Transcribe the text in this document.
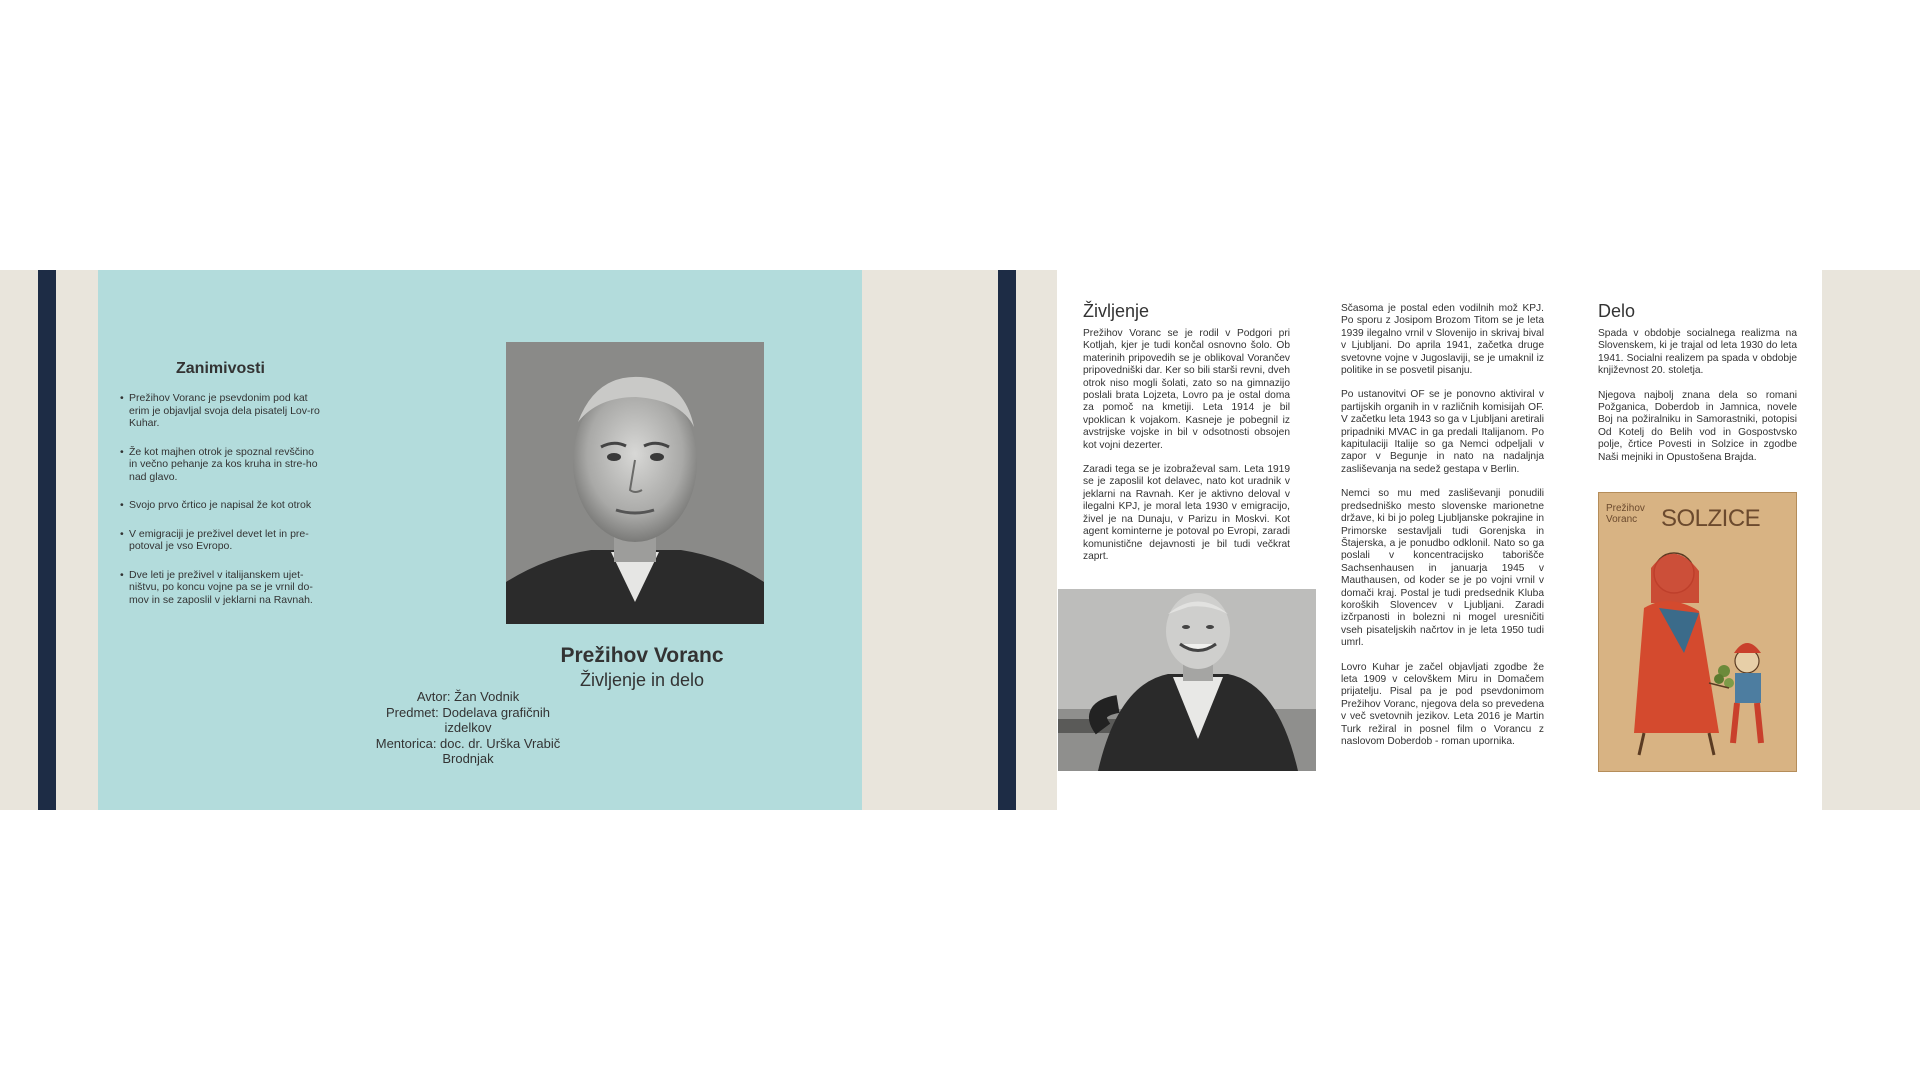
Zanimivosti
• Prežihov Voranc je psevdonim pod kat erim je objavljal svoja dela pisatelj Lov-ro Kuhar.
• Že kot majhen otrok je spoznal revščino in večno pehanje za kos kruha in stre-ho nad glavo.
• Svojo prvo črtico je napisal že kot otrok
• V emigraciji je preživel devet let in pre-potoval je vso Evropo.
• Dve leti je preživel v italijanskem ujet-ništvu, po koncu vojne pa se je vrnil do-mov in se zaposlil v jeklarni na Ravnah.
Avtor: Žan Vodnik
Predmet: Dodelava grafičnih izdelkov
Mentorica: doc. dr. Urška Vrabič Brodnjak
Prežihov Voranc
Življenje in delo
Življenje

Prežihov Voranc se je rodil v Podgori pri Kotljah, kjer je tudi končal osnovno šolo. Ob materinih pripovedih se je oblikoval Vorančev pripovedniški dar. Ker so bili starši revni, dveh otrok niso mogli šolati, zato so na gimnazijo poslali brata Lojzeta, Lovro pa je ostal doma za pomoč na kmetiji. Leta 1914 je bil vpoklican k vojakom. Kasneje je pobegnil iz avstrijske vojske in bil v odsotnosti obsojen kot vojni dezerter.

Zaradi tega se je izobraževal sam. Leta 1919 se je zaposlil kot delavec, nato kot uradnik v jeklarni na Ravnah. Ker je aktivno deloval v ilegalni KPJ, je moral leta 1930 v emigracijo, živel je na Dunaju, v Parizu in Moskvi. Kot agent kominterne je potoval po Evropi, zaradi komunistične dejavnosti je bil tudi večkrat zaprt.

Sčasoma je postal eden vodilnih mož KPJ. Po sporu z Josipom Brozom Titom se je leta 1939 ilegalno vrnil v Slovenijo in skrivaj bival v Ljubljani. Do aprila 1941, začetka druge svetovne vojne v Jugoslaviji, se je umaknil iz politike in se posvetil pisanju.

Po ustanovitvi OF se je ponovno aktiviral v partijskih organih in v različnih komisijah OF. V začetku leta 1943 so ga v Ljubljani aretirali pripadniki MVAC in ga predali Italijanom. Po kapitulaciji Italije so ga Nemci odpeljali v zapor v Begunje in nato na nadaljnja zasliševanja na sedež gestapa v Berlin.

Nemci so mu med zasliševanji ponudili predsedniško mesto slovenske marionetne države, ki bi jo poleg Ljubljanske pokrajine in Primorske sestavljali tudi Gorenjska in Štajerska, a je ponudbo odklonil. Nato so ga poslali v koncentracijsko taborišče Sachsenhausen in januarja 1945 v Mauthausen, od koder se je po vojni vrnil v domači kraj. Postal je tudi predsednik Kluba koroških Slovencev v Ljubljani. Zaradi izčrpanosti in bolezni ni mogel uresničiti vseh pisateljskih načrtov in je leta 1950 tudi umrl.

Lovro Kuhar je začel objavljati zgodbe že leta 1909 v celovškem Miru in Domačem prijatelju. Pisal pa je pod psevdonimom Prežihov Voranc, njegova dela so prevedena v več svetovnih jezikov. Leta 2016 je Martin Turk režiral in posnel film o Vorancu z naslovom Doberdob - roman upornika.

Delo

Spada v obdobje socialnega realizma na Slovenskem, ki je trajal od leta 1930 do leta 1941. Socialni realizem pa spada v obdobje književnost 20. stoletja.

Njegova najbolj znana dela so romani Požganica, Doberdob in Jamnica, novele Boj na požiralniku in Samorastniki, potopisi Od Kotelj do Belih vod in Gospostvsko polje, črtice Povesti in Solzice in zgodbe Naši mejniki in Opustošena Brajda.

Prežihov Voranc SOLZICE
